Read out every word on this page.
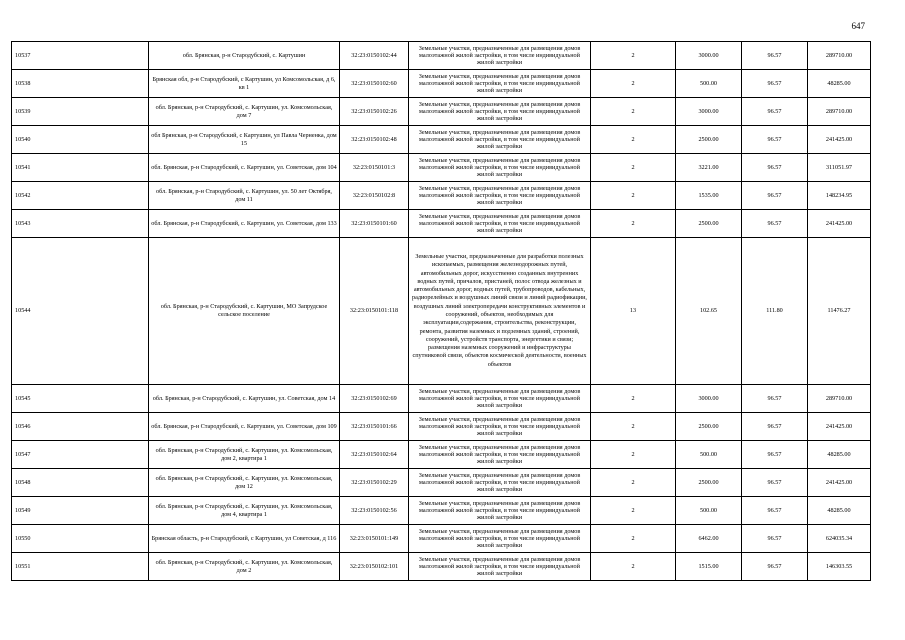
647
10537	обл. Брянская, р-н Стародубский, с. Картушин	32:23:0150102:44	Земельные участки, предназначенные для размещения домов малоэтажной жилой застройки, в том числе индивидуальной жилой застройки	2	3000.00	96.57	289710.00
10538	Брянская обл, р-н Стародубский, с Картушин, ул Комсомольская, д 6, кв 1	32:23:0150102:60	Земельные участки, предназначенные для размещения домов малоэтажной жилой застройки, в том числе индивидуальной жилой застройки	2	500.00	96.57	48285.00
10539	обл. Брянская, р-н Стародубский, с. Картушин, ул. Комсомольская, дом 7	32:23:0150102:26	Земельные участки, предназначенные для размещения домов малоэтажной жилой застройки, в том числе индивидуальной жилой застройки	2	3000.00	96.57	289710.00
10540	обл Брянская, р-н Стародубский, с Картушин, ул Павла Черненка, дом 15	32:23:0150102:48	Земельные участки, предназначенные для размещения домов малоэтажной жилой застройки, в том числе индивидуальной жилой застройки	2	2500.00	96.57	241425.00
10541	обл. Брянская, р-н Стародубский, с. Картушин, ул. Советская, дом 104	32:23:0150101:3	Земельные участки, предназначенные для размещения домов малоэтажной жилой застройки, в том числе индивидуальной жилой застройки	2	3221.00	96.57	311051.97
10542	обл. Брянская, р-н Стародубский, с. Картушин, ул. 50 лет Октября, дом 11	32:23:0150102:8	Земельные участки, предназначенные для размещения домов малоэтажной жилой застройки, в том числе индивидуальной жилой застройки	2	1535.00	96.57	148234.95
10543	обл. Брянская, р-н Стародубский, с. Картушин, ул. Советская, дом 133	32:23:0150101:60	Земельные участки, предназначенные для размещения домов малоэтажной жилой застройки, в том числе индивидуальной жилой застройки	2	2500.00	96.57	241425.00
10544	обл. Брянская, р-н Стародубский, с. Картушин, МО Запрудское сельское поселение	32:23:0150101:118	Земельные участки, предназначенные для разработки полезных ископаемых, размещения железнодорожных путей, автомобильных дорог, искусственно созданных внутренних водных путей, причалов, пристаней, полос отвода железных и автомобильных дорог, водных путей, трубопроводов, кабельных, радиорелейных и воздушных линий связи и линий радиофикации, воздушных линий электропередачи конструктивных элементов и сооружений, объектов, необходимых для эксплуатации,содержания, строительства, реконструкции, ремонта, развития наземных и подземных зданий, строений, сооружений, устройств транспорта, энергетики и связи; размещения наземных сооружений и инфраструктуры спутниковой связи, объектов космической деятельности, военных объектов	13	102.65	111.80	11476.27
10545	обл. Брянская, р-н Стародубский, с. Картушин, ул. Советская, дом 14	32:23:0150102:69	Земельные участки, предназначенные для размещения домов малоэтажной жилой застройки, в том числе индивидуальной жилой застройки	2	3000.00	96.57	289710.00
10546	обл. Брянская, р-н Стародубский, с. Картушин, ул. Советская, дом 109	32:23:0150101:66	Земельные участки, предназначенные для размещения домов малоэтажной жилой застройки, в том числе индивидуальной жилой застройки	2	2500.00	96.57	241425.00
10547	обл. Брянская, р-н Стародубский, с. Картушин, ул. Комсомольская, дом 2, квартира 1	32:23:0150102:64	Земельные участки, предназначенные для размещения домов малоэтажной жилой застройки, в том числе индивидуальной жилой застройки	2	500.00	96.57	48285.00
10548	обл. Брянская, р-н Стародубский, с. Картушин, ул. Комсомольская, дом 12	32:23:0150102:29	Земельные участки, предназначенные для размещения домов малоэтажной жилой застройки, в том числе индивидуальной жилой застройки	2	2500.00	96.57	241425.00
10549	обл. Брянская, р-н Стародубский, с. Картушин, ул. Комсомольская, дом 4, квартира 1	32:23:0150102:56	Земельные участки, предназначенные для размещения домов малоэтажной жилой застройки, в том числе индивидуальной жилой застройки	2	500.00	96.57	48285.00
10550	Брянская область, р-н Стародубский, с Картушин, ул Советская, д 116	32:23:0150101:149	Земельные участки, предназначенные для размещения домов малоэтажной жилой застройки, в том числе индивидуальной жилой застройки	2	6462.00	96.57	624035.34
10551	обл. Брянская, р-н Стародубский, с. Картушин, ул. Комсомольская, дом 2	32:23:0150102:101	Земельные участки, предназначенные для размещения домов малоэтажной жилой застройки, в том числе индивидуальной жилой застройки	2	1515.00	96.57	146303.55
